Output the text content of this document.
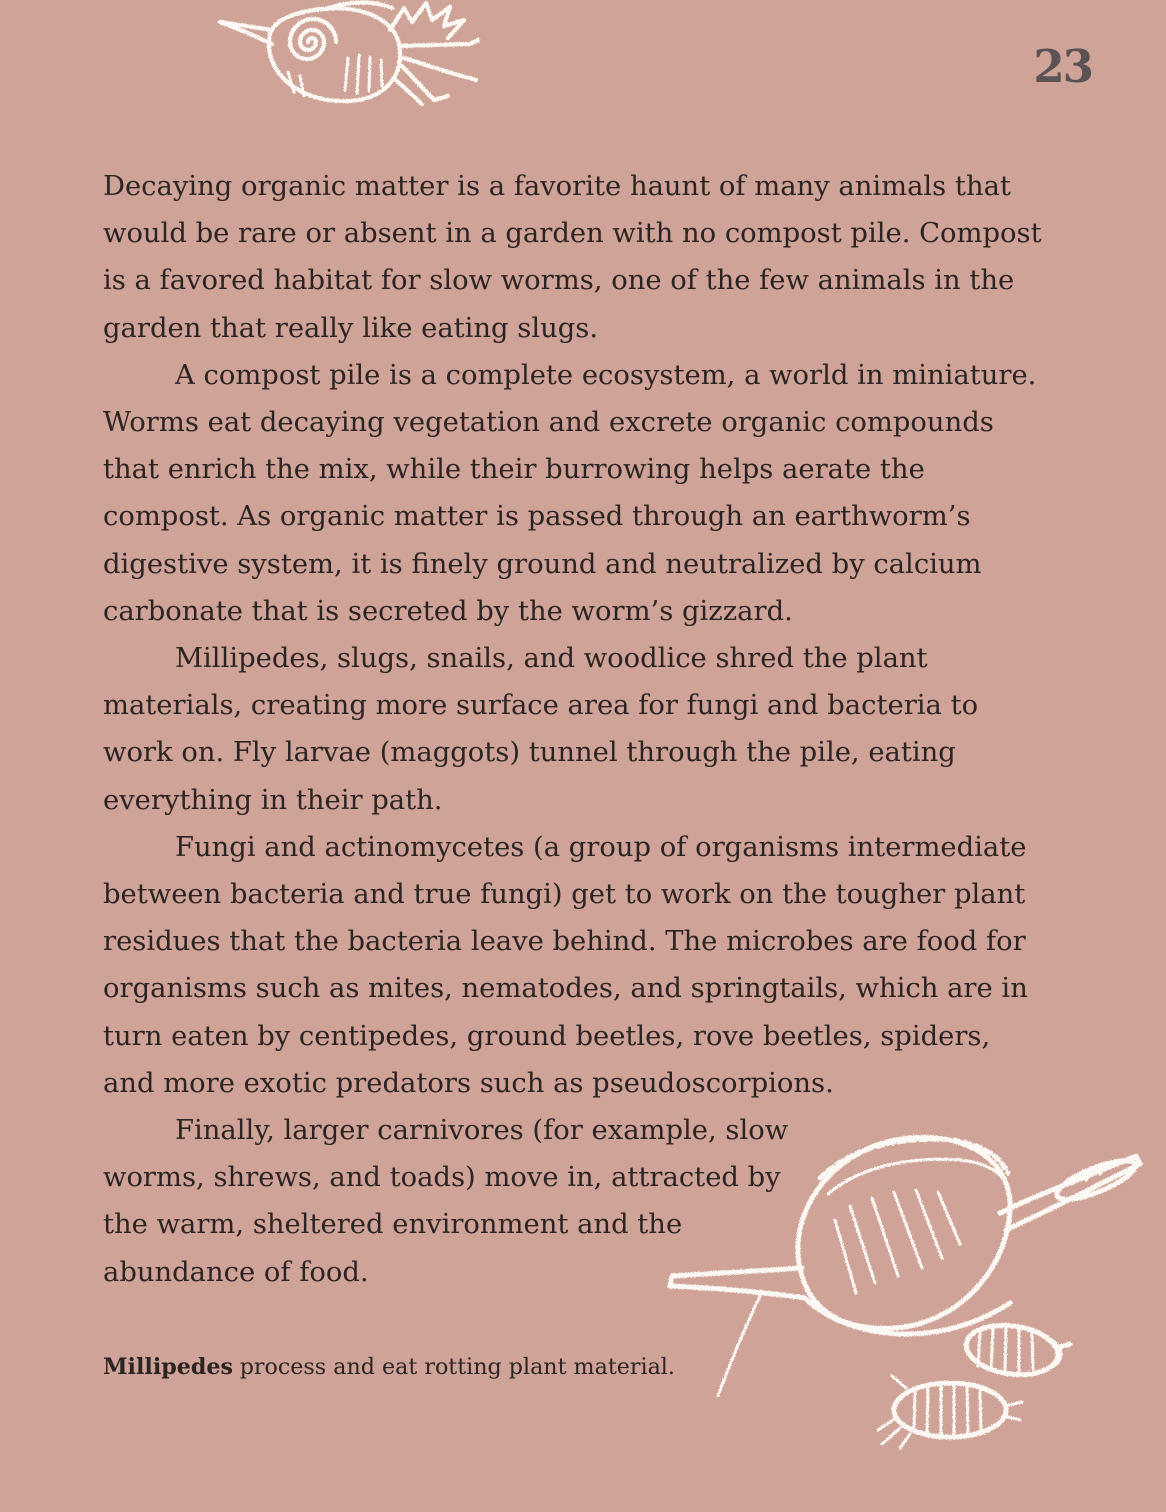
23
Decaying organic matter is a favorite haunt of many animals that
would be rare or absent in a garden with no compost pile. Compost
is a favored habitat for slow worms, one of the few animals in the
garden that really like eating slugs.
A compost pile is a complete ecosystem, a world in miniature.
Worms eat decaying vegetation and excrete organic compounds
that enrich the mix, while their burrowing helps aerate the
compost. As organic matter is passed through an earthworm’s
digestive system, it is finely ground and neutralized by calcium
carbonate that is secreted by the worm’s gizzard.
Millipedes, slugs, snails, and woodlice shred the plant
materials, creating more surface area for fungi and bacteria to
work on. Fly larvae (maggots) tunnel through the pile, eating
everything in their path.
Fungi and actinomycetes (a group of organisms intermediate
between bacteria and true fungi) get to work on the tougher plant
residues that the bacteria leave behind. The microbes are food for
organisms such as mites, nematodes, and springtails, which are in
turn eaten by centipedes, ground beetles, rove beetles, spiders,
and more exotic predators such as pseudoscorpions.
Finally, larger carnivores (for example, slow
worms, shrews, and toads) move in, attracted by
the warm, sheltered environment and the
abundance of food.

Millipedes process and eat rotting plant material.
